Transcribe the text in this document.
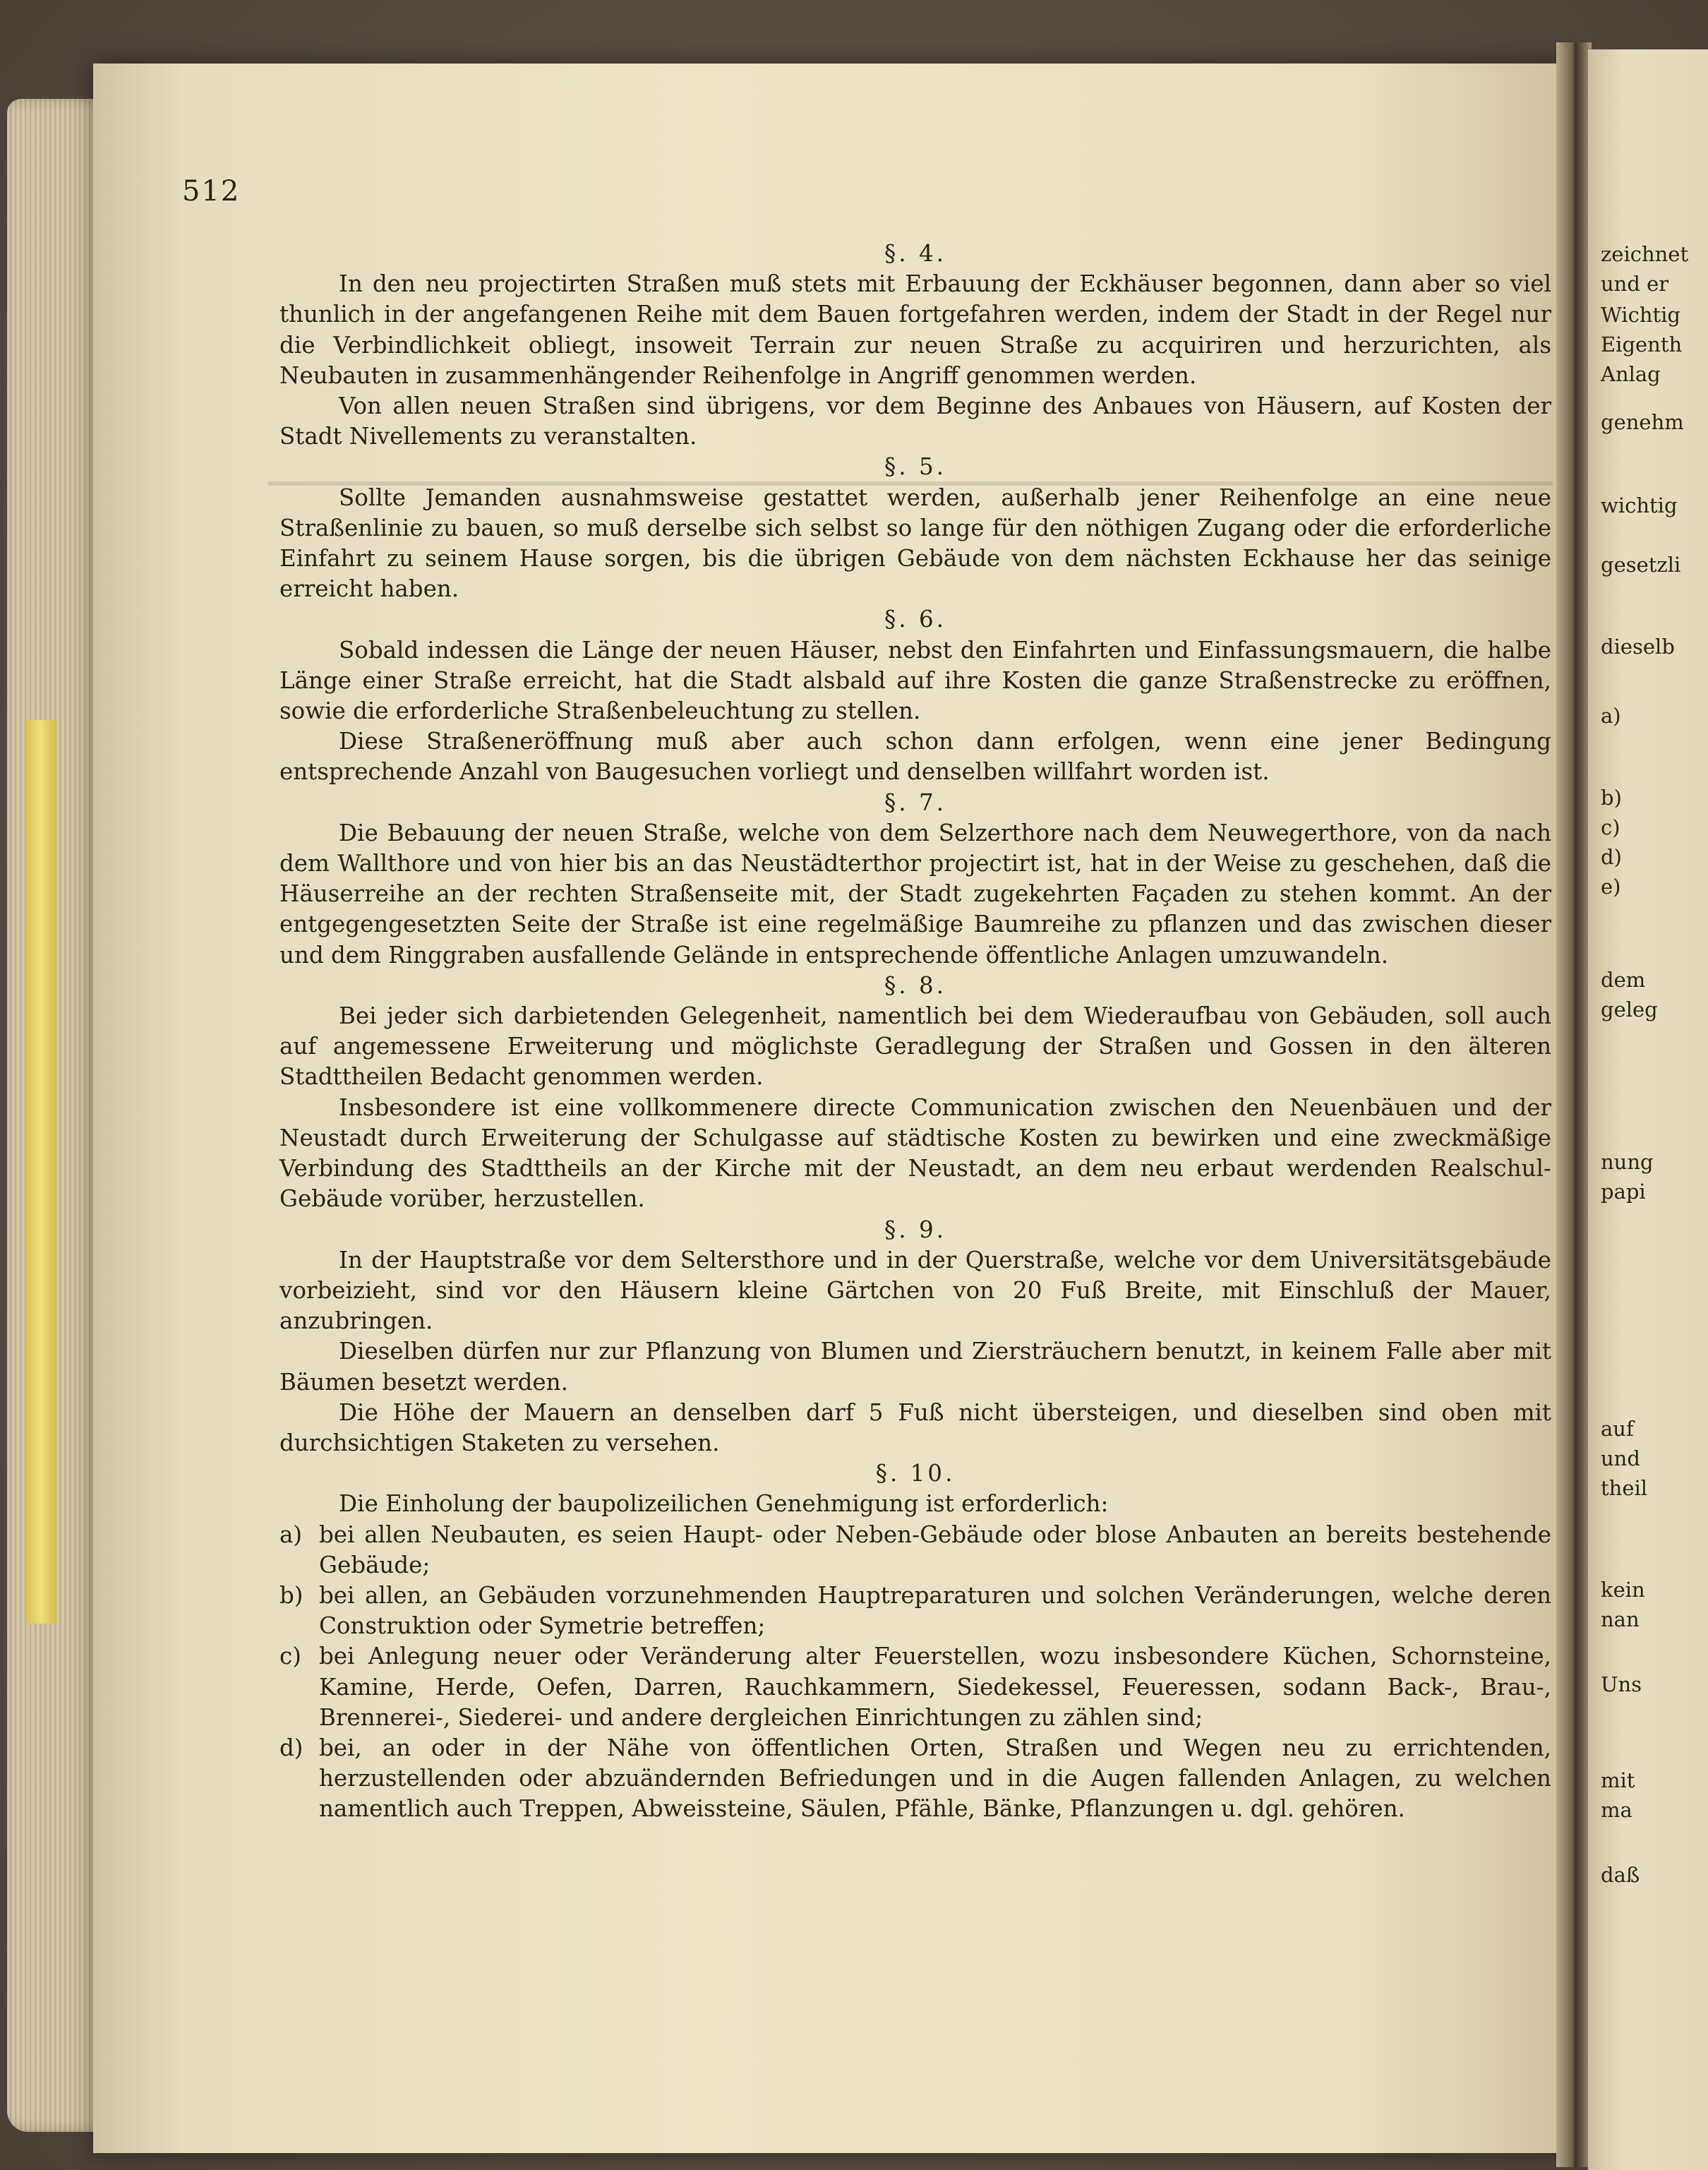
zeichnet
und er
Wichtig
Eigenth
Anlag
genehm
wichtig
gesetzli
dieselb
a)
b)
c)
d)
e)
dem
geleg
nung
papi
auf
und
theil
kein
nan
Uns
mit
ma
daß
512

§. 4.

In den neu projectirten Straßen muß stets mit Erbauung der Eckhäuser begonnen, dann aber so viel thunlich in der angefangenen Reihe mit dem Bauen fortgefahren werden, indem der Stadt in der Regel nur die Verbindlichkeit obliegt, insoweit Terrain zur neuen Straße zu acquiriren und herzurichten, als Neubauten in zusammenhängender Reihenfolge in Angriff genommen werden.

Von allen neuen Straßen sind übrigens, vor dem Beginne des Anbaues von Häusern, auf Kosten der Stadt Nivellements zu veranstalten.

§. 5.

Sollte Jemanden ausnahmsweise gestattet werden, außerhalb jener Reihenfolge an eine neue Straßenlinie zu bauen, so muß derselbe sich selbst so lange für den nöthigen Zugang oder die erforderliche Einfahrt zu seinem Hause sorgen, bis die übrigen Gebäude von dem nächsten Eckhause her das seinige erreicht haben.

§. 6.

Sobald indessen die Länge der neuen Häuser, nebst den Einfahrten und Einfassungsmauern, die halbe Länge einer Straße erreicht, hat die Stadt alsbald auf ihre Kosten die ganze Straßenstrecke zu eröffnen, sowie die erforderliche Straßenbeleuchtung zu stellen.

Diese Straßeneröffnung muß aber auch schon dann erfolgen, wenn eine jener Bedingung entsprechende Anzahl von Baugesuchen vorliegt und denselben willfahrt worden ist.

§. 7.

Die Bebauung der neuen Straße, welche von dem Selzerthore nach dem Neuwegerthore, von da nach dem Wallthore und von hier bis an das Neustädterthor projectirt ist, hat in der Weise zu geschehen, daß die Häuserreihe an der rechten Straßenseite mit, der Stadt zugekehrten Façaden zu stehen kommt. An der entgegengesetzten Seite der Straße ist eine regelmäßige Baumreihe zu pflanzen und das zwischen dieser und dem Ringgraben ausfallende Gelände in entsprechende öffentliche Anlagen umzuwandeln.

§. 8.

Bei jeder sich darbietenden Gelegenheit, namentlich bei dem Wiederaufbau von Gebäuden, soll auch auf angemessene Erweiterung und möglichste Geradlegung der Straßen und Gossen in den älteren Stadttheilen Bedacht genommen werden.

Insbesondere ist eine vollkommenere directe Communication zwischen den Neuenbäuen und der Neustadt durch Erweiterung der Schulgasse auf städtische Kosten zu bewirken und eine zweckmäßige Verbindung des Stadttheils an der Kirche mit der Neustadt, an dem neu erbaut werdenden Realschul-Gebäude vorüber, herzustellen.

§. 9.

In der Hauptstraße vor dem Seltersthore und in der Querstraße, welche vor dem Universitätsgebäude vorbeizieht, sind vor den Häusern kleine Gärtchen von 20 Fuß Breite, mit Einschluß der Mauer, anzubringen.

Dieselben dürfen nur zur Pflanzung von Blumen und Ziersträuchern benutzt, in keinem Falle aber mit Bäumen besetzt werden.

Die Höhe der Mauern an denselben darf 5 Fuß nicht übersteigen, und dieselben sind oben mit durchsichtigen Staketen zu versehen.

§. 10.

Die Einholung der baupolizeilichen Genehmigung ist erforderlich:

a) bei allen Neubauten, es seien Haupt- oder Neben-Gebäude oder blose Anbauten an bereits bestehende Gebäude;
b) bei allen, an Gebäuden vorzunehmenden Hauptreparaturen und solchen Veränderungen, welche deren Construktion oder Symetrie betreffen;
c) bei Anlegung neuer oder Veränderung alter Feuerstellen, wozu insbesondere Küchen, Schornsteine, Kamine, Herde, Oefen, Darren, Rauchkammern, Siedekessel, Feueressen, sodann Back-, Brau-, Brennerei-, Siederei- und andere dergleichen Einrichtungen zu zählen sind;
d) bei, an oder in der Nähe von öffentlichen Orten, Straßen und Wegen neu zu errichtenden, herzustellenden oder abzuändernden Befriedungen und in die Augen fallenden Anlagen, zu welchen namentlich auch Treppen, Abweissteine, Säulen, Pfähle, Bänke, Pflanzungen u. dgl. gehören.
